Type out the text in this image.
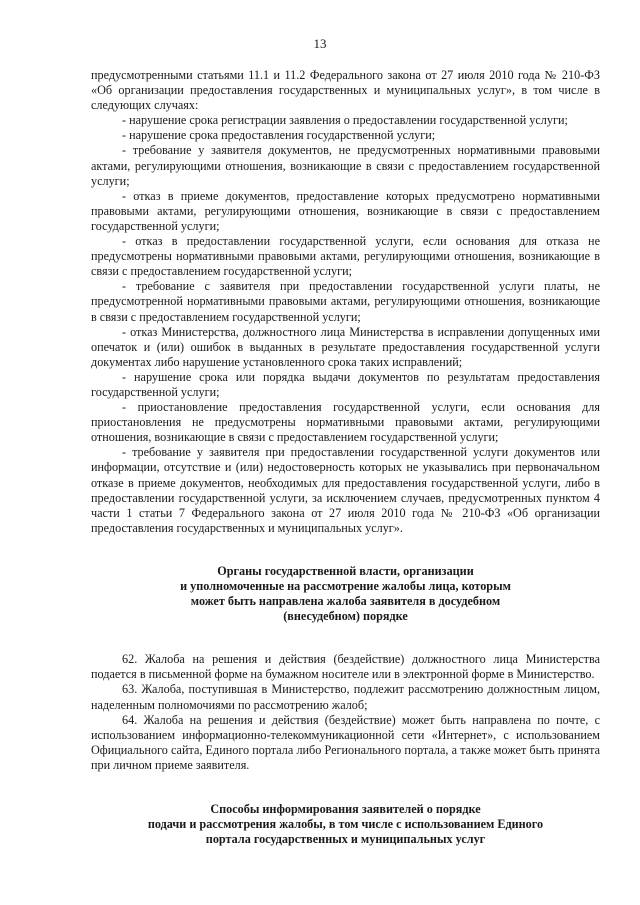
13

предусмотренными статьями 11.1 и 11.2 Федерального закона от 27 июля 2010 года № 210-ФЗ «Об организации предоставления государственных и муниципальных услуг», в том числе в следующих случаях:

- нарушение срока регистрации заявления о предоставлении государственной услуги;

- нарушение срока предоставления государственной услуги;

- требование у заявителя документов, не предусмотренных нормативными правовыми актами, регулирующими отношения, возникающие в связи с предоставлением государственной услуги;

- отказ в приеме документов, предоставление которых предусмотрено нормативными правовыми актами, регулирующими отношения, возникающие в связи с предоставлением государственной услуги;

- отказ в предоставлении государственной услуги, если основания для отказа не предусмотрены нормативными правовыми актами, регулирующими отношения, возникающие в связи с предоставлением государственной услуги;

- требование с заявителя при предоставлении государственной услуги платы, не предусмотренной нормативными правовыми актами, регулирующими отношения, возникающие в связи с предоставлением государственной услуги;

- отказ Министерства, должностного лица Министерства в исправлении допущенных ими опечаток и (или) ошибок в выданных в результате предоставления государственной услуги документах либо нарушение установленного срока таких исправлений;

- нарушение срока или порядка выдачи документов по результатам предоставления государственной услуги;

- приостановление предоставления государственной услуги, если основания для приостановления не предусмотрены нормативными правовыми актами, регулирующими отношения, возникающие в связи с предоставлением государственной услуги;

- требование у заявителя при предоставлении государственной услуги документов или информации, отсутствие и (или) недостоверность которых не указывались при первоначальном отказе в приеме документов, необходимых для предоставления государственной услуги, либо в предоставлении государственной услуги, за исключением случаев, предусмотренных пунктом 4 части 1 статьи 7 Федерального закона от 27 июля 2010 года № 210-ФЗ «Об организации предоставления государственных и муниципальных услуг».

Органы государственной власти, организации
и уполномоченные на рассмотрение жалобы лица, которым
может быть направлена жалоба заявителя в досудебном
(внесудебном) порядке

62. Жалоба на решения и действия (бездействие) должностного лица Министерства подается в письменной форме на бумажном носителе или в электронной форме в Министерство.

63. Жалоба, поступившая в Министерство, подлежит рассмотрению должностным лицом, наделенным полномочиями по рассмотрению жалоб;

64. Жалоба на решения и действия (бездействие) может быть направлена по почте, с использованием информационно-телекоммуникационной сети «Интернет», с использованием Официального сайта, Единого портала либо Регионального портала, а также может быть принята при личном приеме заявителя.

Способы информирования заявителей о порядке
подачи и рассмотрения жалобы, в том числе с использованием Единого
портала государственных и муниципальных услуг
